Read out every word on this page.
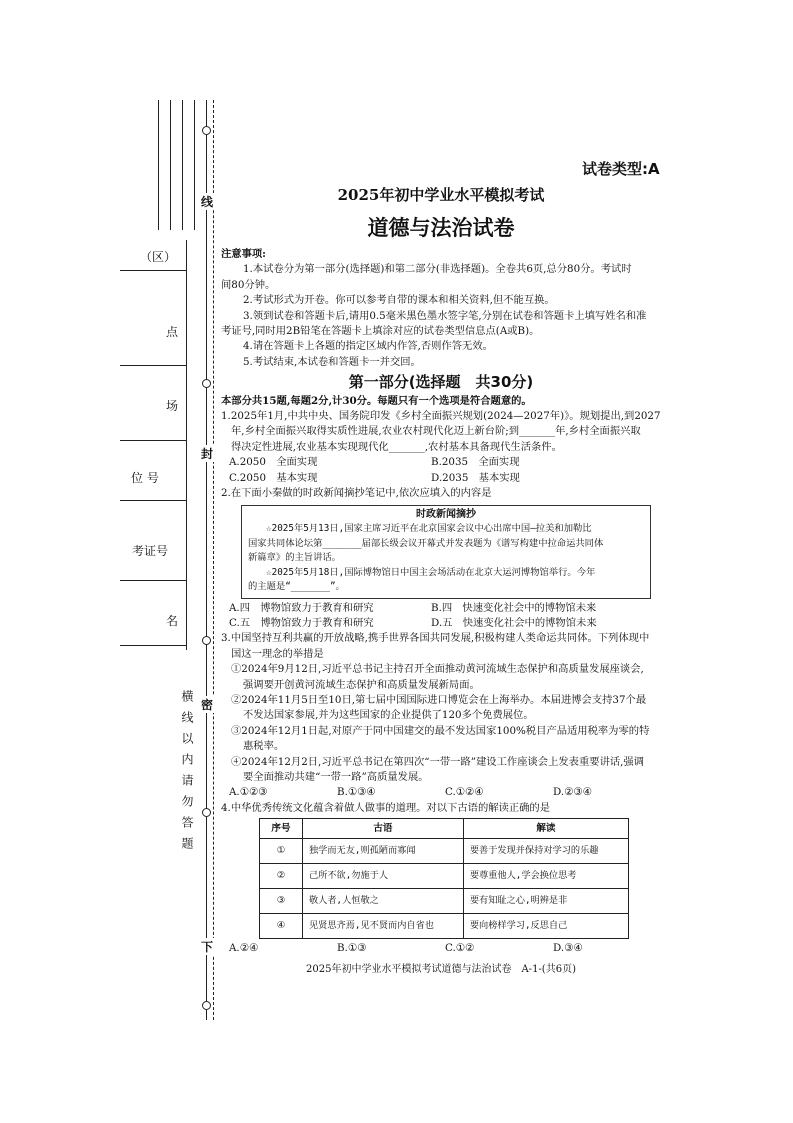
线
封
密
（区）
点
场
位 号
考证号
名
横线以内请勿答题
下
试卷类型:A
2025年初中学业水平模拟考试
道德与法治试卷

注意事项:

1.本试卷分为第一部分(选择题)和第二部分(非选择题)。全卷共6页,总分80分。考试时

间80分钟。

2.考试形式为开卷。你可以参考自带的课本和相关资料,但不能互换。

3.领到试卷和答题卡后,请用0.5毫米黑色墨水签字笔,分别在试卷和答题卡上填写姓名和准

考证号,同时用2B铅笔在答题卡上填涂对应的试卷类型信息点(A或B)。

4.请在答题卡上各题的指定区域内作答,否则作答无效。

5.考试结束,本试卷和答题卡一并交回。

第一部分(选择题　共30分)

本部分共15题,每题2分,计30分。每题只有一个选项是符合题意的。

1.2025年1月,中共中央、国务院印发《乡村全面振兴规划(2024—2027年)》。规划提出,到2027

年,乡村全面振兴取得实质性进展,农业农村现代化迈上新台阶;到_______年,乡村全面振兴取

得决定性进展,农业基本实现现代化_______,农村基本具备现代生活条件。

A.2050　全面实现	B.2035　全面实现
C.2050　基本实现	D.2035　基本实现

2.在下面小秦做的时政新闻摘抄笔记中,依次应填入的内容是

时政新闻摘抄
☆2025年5月13日,国家主席习近平在北京国家会议中心出席中国—拉美和加勒比
国家共同体论坛第_______届部长级会议开幕式并发表题为《谱写构建中拉命运共同体
新篇章》的主旨讲话。
☆2025年5月18日,国际博物馆日中国主会场活动在北京大运河博物馆举行。今年
的主题是“_______”。
A.四　博物馆致力于教育和研究	B.四　快速变化社会中的博物馆未来
C.五　博物馆致力于教育和研究	D.五　快速变化社会中的博物馆未来

3.中国坚持互利共赢的开放战略,携手世界各国共同发展,积极构建人类命运共同体。下列体现中

国这一理念的举措是

①2024年9月12日,习近平总书记主持召开全面推动黄河流域生态保护和高质量发展座谈会,

强调要开创黄河流域生态保护和高质量发展新局面。

②2024年11月5日至10日,第七届中国国际进口博览会在上海举办。本届进博会支持37个最

不发达国家参展,并为这些国家的企业提供了120多个免费展位。

③2024年12月1日起,对原产于同中国建交的最不发达国家100%税目产品适用税率为零的特

惠税率。

④2024年12月2日,习近平总书记在第四次“一带一路”建设工作座谈会上发表重要讲话,强调

要全面推动共建“一带一路”高质量发展。

A.①②③	B.①③④	C.①②④	D.②③④

4.中华优秀传统文化蕴含着做人做事的道理。对以下古语的解读正确的是

序号	古语	解读
①	独学而无友,则孤陋而寡闻	要善于发现并保持对学习的乐趣
②	己所不欲,勿施于人	要尊重他人,学会换位思考
③	敬人者,人恒敬之	要有知耻之心,明辨是非
④	见贤思齐焉,见不贤而内自省也	要向榜样学习,反思自己
A.②④	B.①③	C.①②	D.③④
2025年初中学业水平模拟考试道德与法治试卷　A-1-(共6页)
